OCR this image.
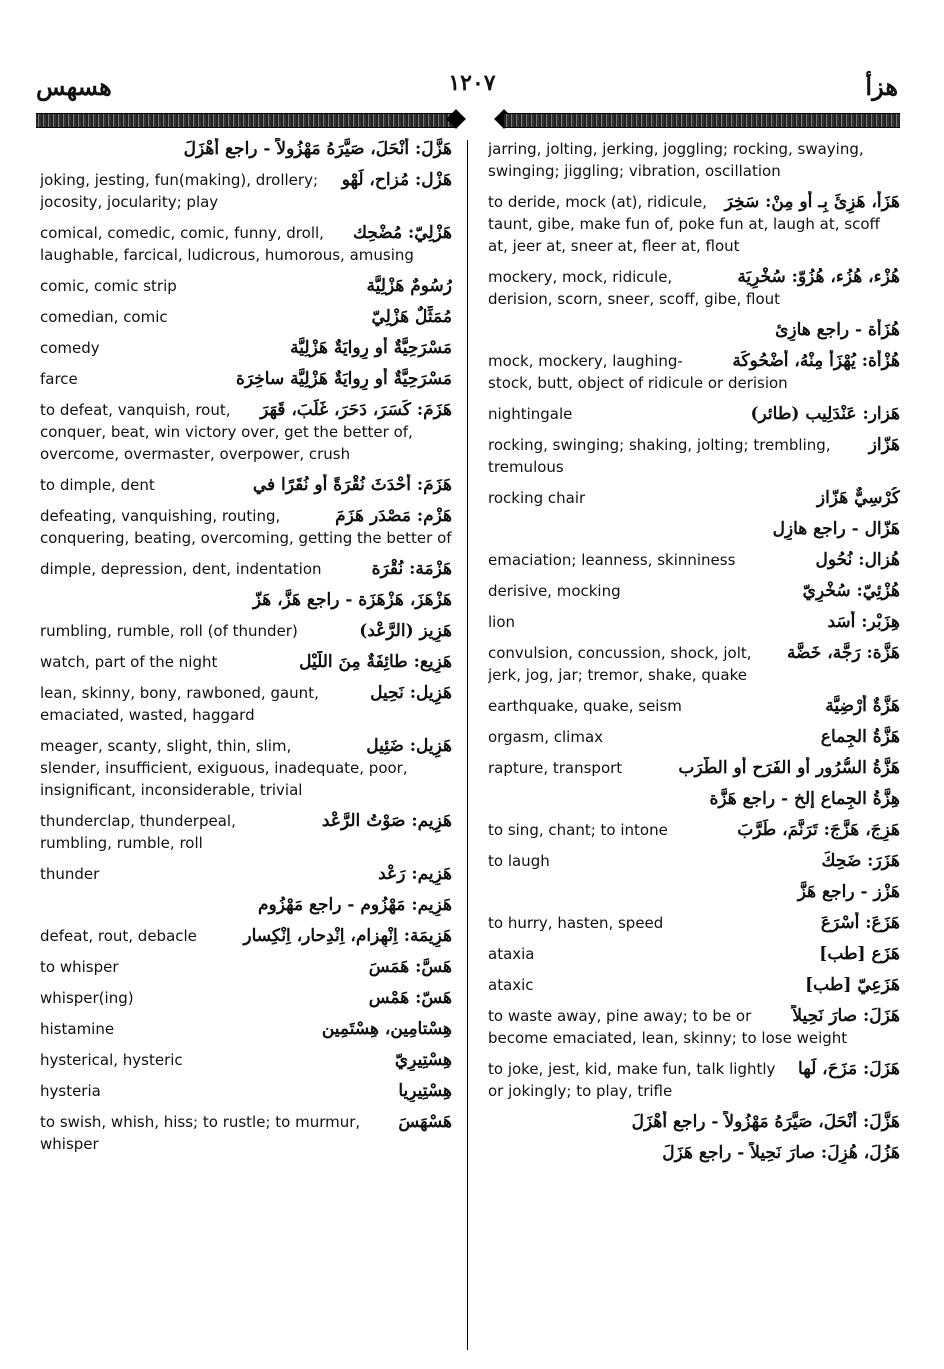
هسهس	١٢٠٧	هزأ
هَزَّلَ: أَنْحَلَ، صَيَّرَهُ مَهْزُولاً - راجع أَهْزَلَ
هَزْل: مُزاح، لَهْو
joking, jesting, fun(making), drollery; jocosity, jocularity; play
هَزْلِيّ: مُضْحِك
comical, comedic, comic, funny, droll, laughable, farcical, ludicrous, humorous, amusing
رُسُومٌ هَزْلِيَّة
comic, comic strip
مُمَثِّلٌ هَزْلِيّ
comedian, comic
مَسْرَحِيَّةٌ أو رِوايَةٌ هَزْلِيَّة
comedy
مَسْرَحِيَّةٌ أو رِوايَةٌ هَزْلِيَّة ساخِرَة
farce
هَزَمَ: كَسَرَ، دَحَرَ، غَلَبَ، قَهَرَ
to defeat, vanquish, rout, conquer, beat, win victory over, get the better of, overcome, overmaster, overpower, crush
هَزَمَ: أَحْدَثَ نُقْرَةً أو نُقَرًا في
to dimple, dent
هَزْم: مَصْدَر هَزَمَ
defeating, vanquishing, routing, conquering, beating, overcoming, getting the better of
هَزْمَة: نُقْرَة
dimple, depression, dent, indentation
هَزْهَزَ، هَزْهَزَة - راجع هَزَّ، هَزّ
هَزِيز (الرَّعْد)
rumbling, rumble, roll (of thunder)
هَزِيع: طائِفَةٌ مِنَ اللَّيْل
watch, part of the night
هَزِيل: نَحِيل
lean, skinny, bony, rawboned, gaunt, emaciated, wasted, haggard
هَزِيل: ضَئِيل
meager, scanty, slight, thin, slim, slender, insufficient, exiguous, inadequate, poor, insignificant, inconsiderable, trivial
هَزِيم: صَوْتُ الرَّعْد
thunderclap, thunderpeal, rumbling, rumble, roll
هَزِيم: رَعْد
thunder
هَزِيم: مَهْزُوم - راجع مَهْزُوم
هَزِيمَة: اِنْهِزام، اِنْدِحار، اِنْكِسار
defeat, rout, debacle
هَسَّ: هَمَسَ
to whisper
هَسّ: هَمْس
whisper(ing)
هِسْتامِين، هِسْتَمِين
histamine
هِسْتِيرِيّ
hysterical, hysteric
هِسْتِيرِيا
hysteria
هَسْهَسَ
to swish, whish, hiss; to rustle; to murmur, whisper
jarring, jolting, jerking, joggling; rocking, swaying, swinging; jiggling; vibration, oscillation
هَزَأَ، هَزِئَ بِـ أو مِنْ: سَخِرَ
to deride, mock (at), ridicule, taunt, gibe, make fun of, poke fun at, laugh at, scoff at, jeer at, sneer at, fleer at, flout
هُزْء، هُزُء، هُزُوّ: سُخْرِيَة
mockery, mock, ridicule, derision, scorn, sneer, scoff, gibe, flout
هُزَأَة - راجع هازِئ
هُزْأَة: يُهْزَأُ مِنْهُ، أُضْحُوكَة
mock, mockery, laughing-stock, butt, object of ridicule or derision
هَزار: عَنْدَلِيب (طائر)
nightingale
هَزّاز
rocking, swinging; shaking, jolting; trembling, tremulous
كُرْسِيٌّ هَزّاز
rocking chair
هَزّال - راجع هازِل
هُزال: نُحُول
emaciation; leanness, skinniness
هُزْئِيّ: سُخْرِيّ
derisive, mocking
هِزَبْر: أَسَد
lion
هَزَّة: رَجَّة، خَضَّة
convulsion, concussion, shock, jolt, jerk, jog, jar; tremor, shake, quake
هَزَّةٌ أَرْضِيَّة
earthquake, quake, seism
هَزَّةُ الجِماع
orgasm, climax
هَزَّةُ السُّرُور أو الفَرَح أو الطَّرَب
rapture, transport
هِزَّةُ الجِماع إلخ - راجع هَزَّة
هَزِجَ، هَزَّجَ: تَرَنَّمَ، طَرَّبَ
to sing, chant; to intone
هَزَرَ: ضَحِكَ
to laugh
هَزْز - راجع هَزَّ
هَزَعَ: أَسْرَعَ
to hurry, hasten, speed
هَزَع [طب]
ataxia
هَزَعِيّ [طب]
ataxic
هَزَلَ: صارَ نَحِيلاً
to waste away, pine away; to be or become emaciated, lean, skinny; to lose weight
هَزَلَ: مَزَحَ، لَها
to joke, jest, kid, make fun, talk lightly or jokingly; to play, trifle
هَزَّلَ: أَنْحَلَ، صَيَّرَهُ مَهْزُولاً - راجع أَهْزَلَ
هَزُلَ، هُزِلَ: صارَ نَحِيلاً - راجع هَزَلَ
